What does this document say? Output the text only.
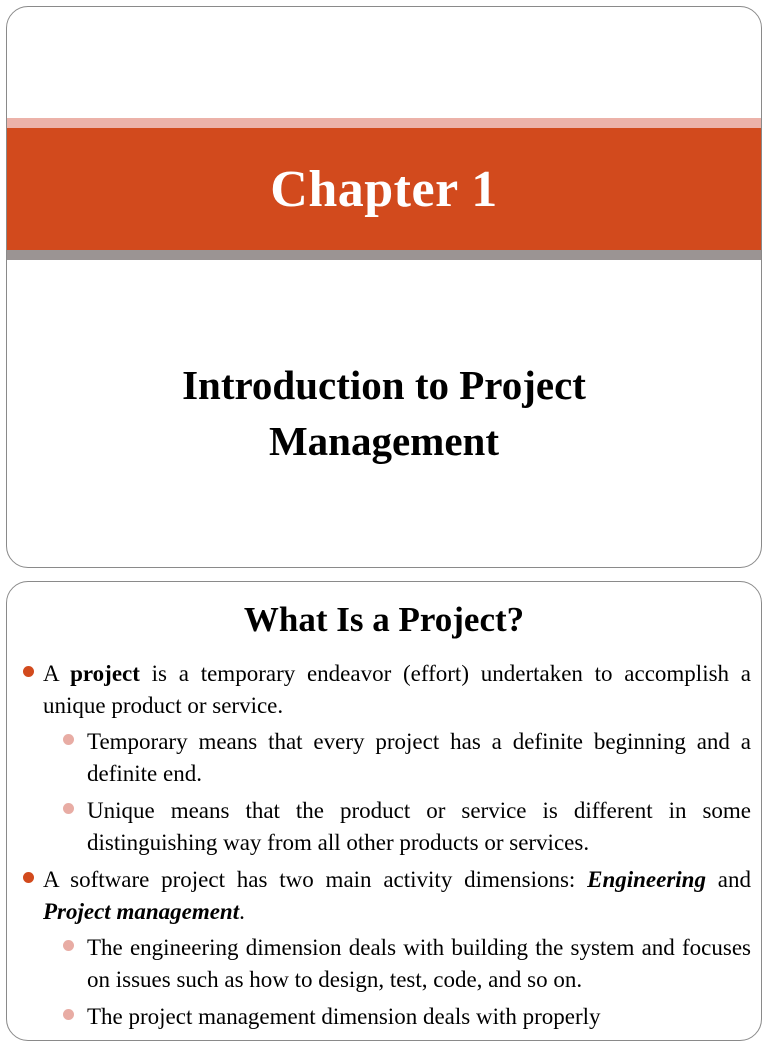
Chapter 1
Introduction to Project
Management
What Is a Project?
A project is a temporary endeavor (effort) undertaken to accomplish a unique product or service.
Temporary means that every project has a definite beginning and a definite end.
Unique means that the product or service is different in some distinguishing way from all other products or services.
A software project has two main activity dimensions: Engineering and Project management.
The engineering dimension deals with building the system and focuses on issues such as how to design, test, code, and so on.
The project management dimension deals with properly
